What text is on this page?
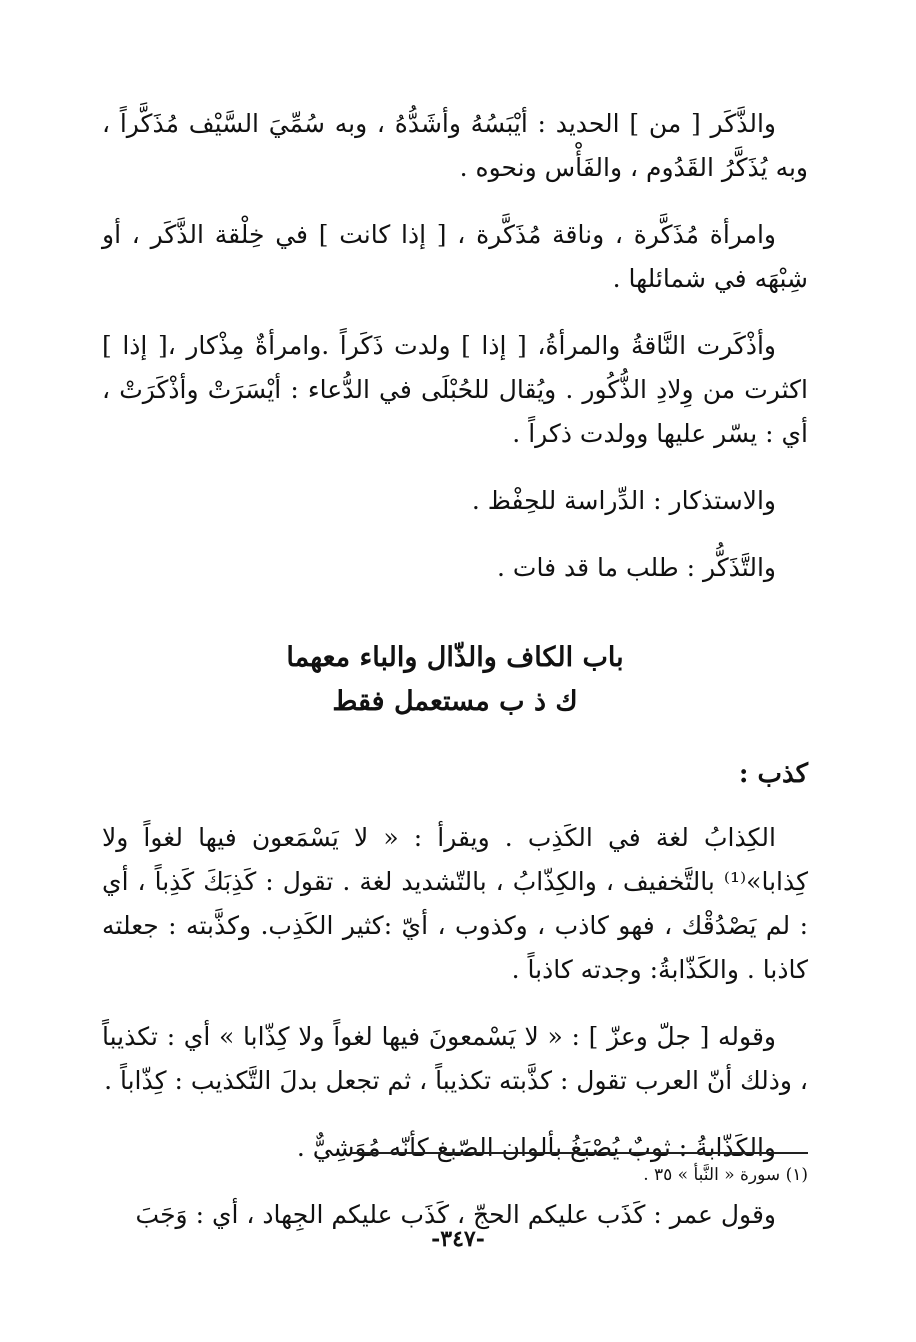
والذَّكَر [ من ] الحديد : أيْبَسُهُ وأشَدُّهُ ، وبه سُمِّيَ السَّيْف مُذَكَّراً ، وبه يُذَكَّرُ القَدُوم ، والفَأْس ونحوه .

وامرأة مُذَكَّرة ، وناقة مُذَكَّرة ، [ إذا كانت ] في خِلْقة الذَّكَر ، أو شِبْهَه في شمائلها .

وأذْكَرت النَّاقةُ والمرأةُ، [ إذا ] ولدت ذَكَراً .وامرأةٌ مِذْكار ،[ إذا ] اكثرت من وِلادِ الذُّكُور . ويُقال للحُبْلَى في الدُّعاء : أيْسَرَتْ وأذْكَرَتْ ، أي : يسّر عليها وولدت ذكراً .

والاستذكار : الدِّراسة للحِفْظ .

والتَّذَكُّر : طلب ما قد فات .

باب الكاف والذّال والباء معهما

ك ذ ب مستعمل فقط

كذب :

الكِذابُ لغة في الكَذِب . ويقرأ : « لا يَسْمَعون فيها لغواً ولا كِذابا»⁽¹⁾ بالتَّخفيف ، والكِذّابُ ، بالتّشديد لغة . تقول : كَذِبَكَ كَذِباً ، أي : لم يَصْدُقْك ، فهو كاذب ، وكذوب ، أيّ :كثير الكَذِب. وكذَّبته : جعلته كاذبا . والكَذّابةُ: وجدته كاذباً .

وقوله [ جلّ وعزّ ] : « لا يَسْمعونَ فيها لغواً ولا كِذّابا » أي : تكذيباً ، وذلك أنّ العرب تقول : كذَّبته تكذيباً ، ثم تجعل بدلَ التَّكذيب : كِذّاباً .

والكَذّابةُ : ثوبٌ يُصْبَغُ بألوان الصّبغ كأنّه مُوَشِيٌّ .

وقول عمر : كَذَب عليكم الحجّ ، كَذَب عليكم الجِهاد ، أي : وَجَبَ

(١) سورة « النَّبأ » ٣٥ .
-٣٤٧-
